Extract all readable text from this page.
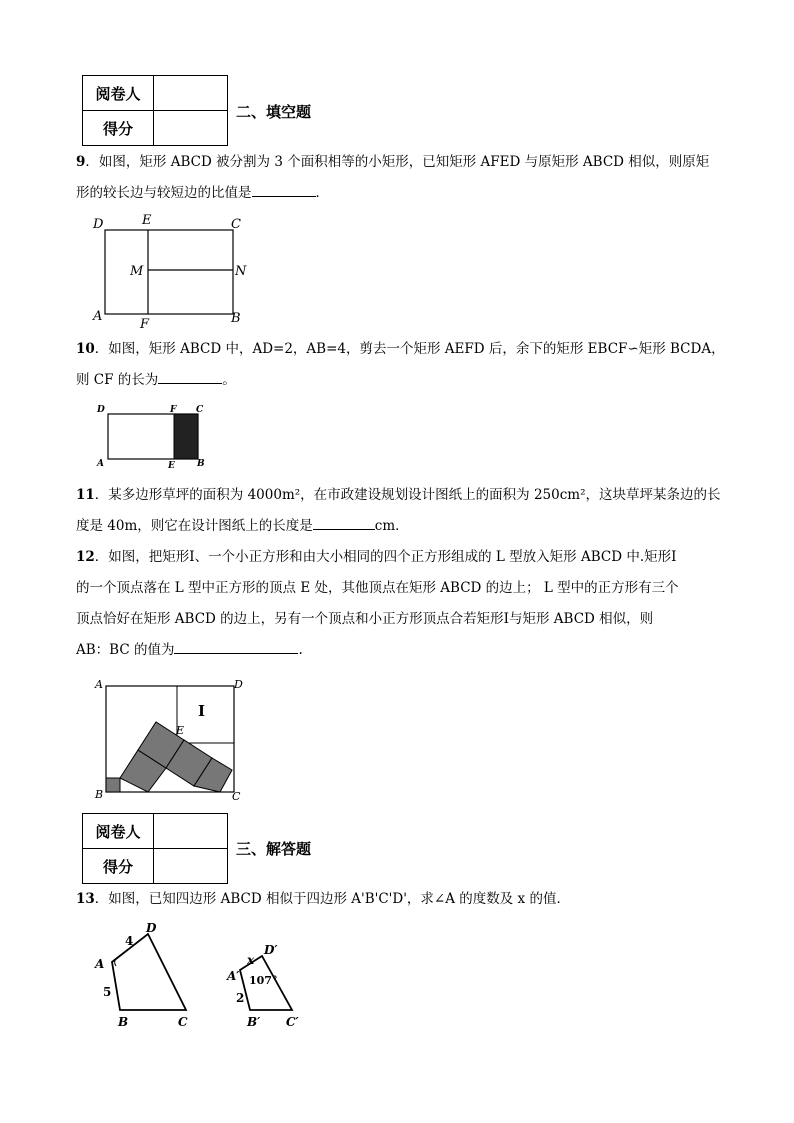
阅卷人	
得分	
二、填空题
9．如图，矩形 ABCD 被分割为 3 个面积相等的小矩形，已知矩形 AFED 与原矩形 ABCD 相似，则原矩
形的较长边与较短边的比值是	．
D	E	C
M	N
A
F	B
10．如图，矩形 ABCD 中，AD=2，AB=4，剪去一个矩形 AEFD 后，余下的矩形 EBCF∽矩形 BCDA，
则 CF 的长为	。
D	F C
A	E B
11．某多边形草坪的面积为 4000m²，在市政建设规划设计图纸上的面积为 250cm²，这块草坪某条边的长
度是 40m，则它在设计图纸上的长度是	cm．
12．如图，把矩形Ⅰ、一个小正方形和由大小相同的四个正方形组成的 L 型放入矩形 ABCD 中.矩形Ⅰ
的一个顶点落在 L 型中正方形的顶点 E 处，其他顶点在矩形 ABCD 的边上； L 型中的正方形有三个
顶点恰好在矩形 ABCD 的边上，另有一个顶点和小正方形顶点合若矩形Ⅰ与矩形 ABCD 相似，则
AB：BC 的值为	.
A	D
I
E
B	C
阅卷人	
得分	
三、解答题
13．如图，已知四边形 ABCD 相似于四边形 A'B'C'D'，求∠A 的度数及 x 的值．
D
A
B	C
4
5
D′
A′
B′ C′
x
107°
2
